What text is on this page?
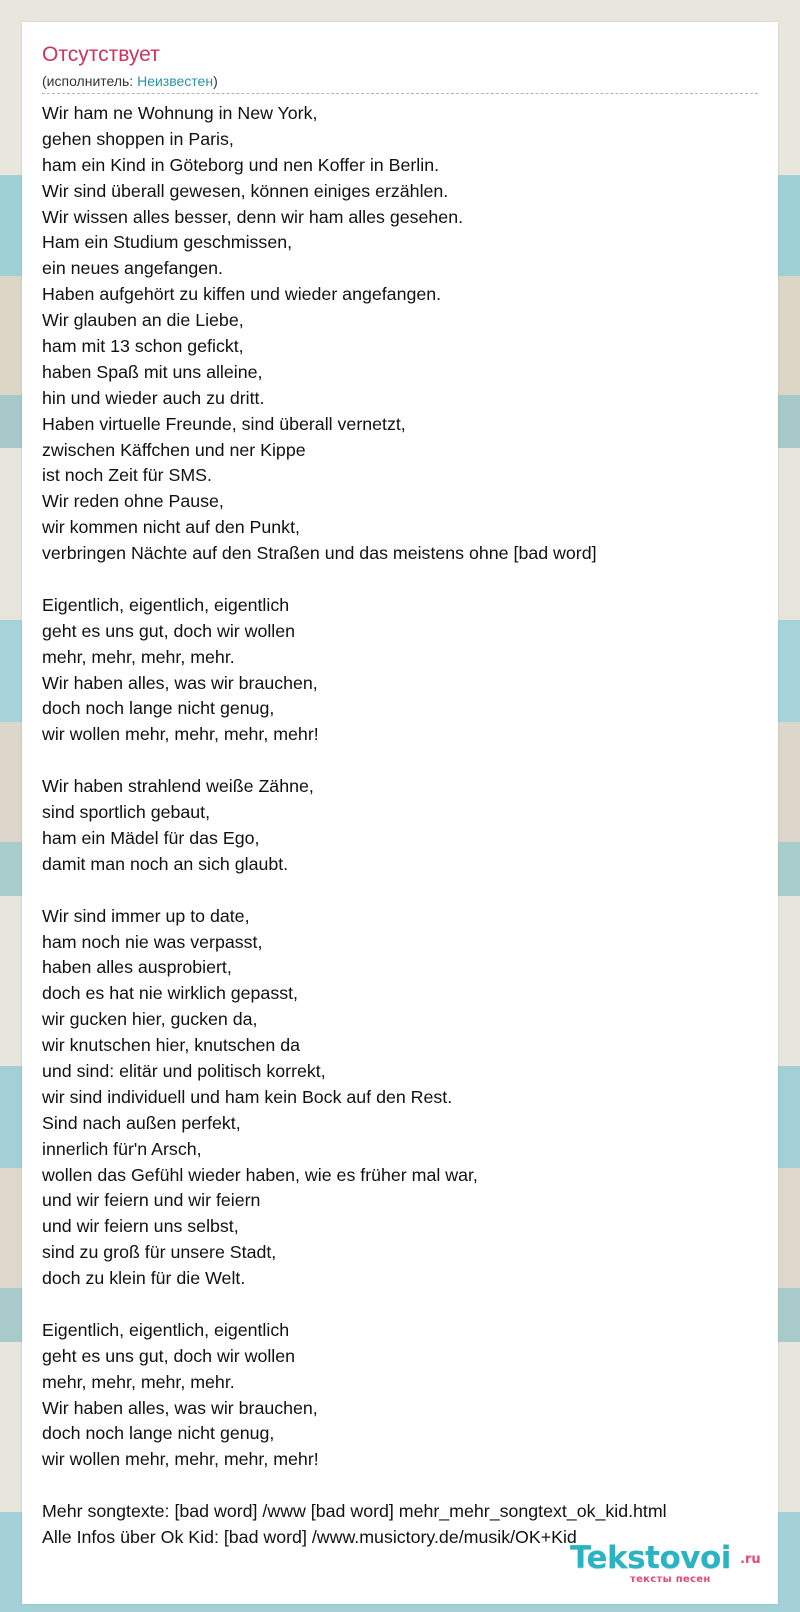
Отсутствует
(исполнитель: Неизвестен)
Wir ham ne Wohnung in New York,
gehen shoppen in Paris,
ham ein Kind in Göteborg und nen Koffer in Berlin.
Wir sind überall gewesen, können einiges erzählen.
Wir wissen alles besser, denn wir ham alles gesehen.
Ham ein Studium geschmissen,
ein neues angefangen.
Haben aufgehört zu kiffen und wieder angefangen.
Wir glauben an die Liebe,
ham mit 13 schon gefickt,
haben Spaß mit uns alleine,
hin und wieder auch zu dritt.
Haben virtuelle Freunde, sind überall vernetzt,
zwischen Käffchen und ner Kippe
ist noch Zeit für SMS.
Wir reden ohne Pause,
wir kommen nicht auf den Punkt,
verbringen Nächte auf den Straßen und das meistens ohne [bad word]
Eigentlich, eigentlich, eigentlich
geht es uns gut, doch wir wollen
mehr, mehr, mehr, mehr.
Wir haben alles, was wir brauchen,
doch noch lange nicht genug,
wir wollen mehr, mehr, mehr, mehr!
Wir haben strahlend weiße Zähne,
sind sportlich gebaut,
ham ein Mädel für das Ego,
damit man noch an sich glaubt.
Wir sind immer up to date,
ham noch nie was verpasst,
haben alles ausprobiert,
doch es hat nie wirklich gepasst,
wir gucken hier, gucken da,
wir knutschen hier, knutschen da
und sind: elitär und politisch korrekt,
wir sind individuell und ham kein Bock auf den Rest.
Sind nach außen perfekt,
innerlich für'n Arsch,
wollen das Gefühl wieder haben, wie es früher mal war,
und wir feiern und wir feiern
und wir feiern uns selbst,
sind zu groß für unsere Stadt,
doch zu klein für die Welt.
Eigentlich, eigentlich, eigentlich
geht es uns gut, doch wir wollen
mehr, mehr, mehr, mehr.
Wir haben alles, was wir brauchen,
doch noch lange nicht genug,
wir wollen mehr, mehr, mehr, mehr!
Mehr songtexte: [bad word] /www [bad word] mehr_mehr_songtext_ok_kid.html
Alle Infos über Ok Kid: [bad word] /www.musictory.de/musik/OK+Kid
Tekstovoi .ru
тексты песен
